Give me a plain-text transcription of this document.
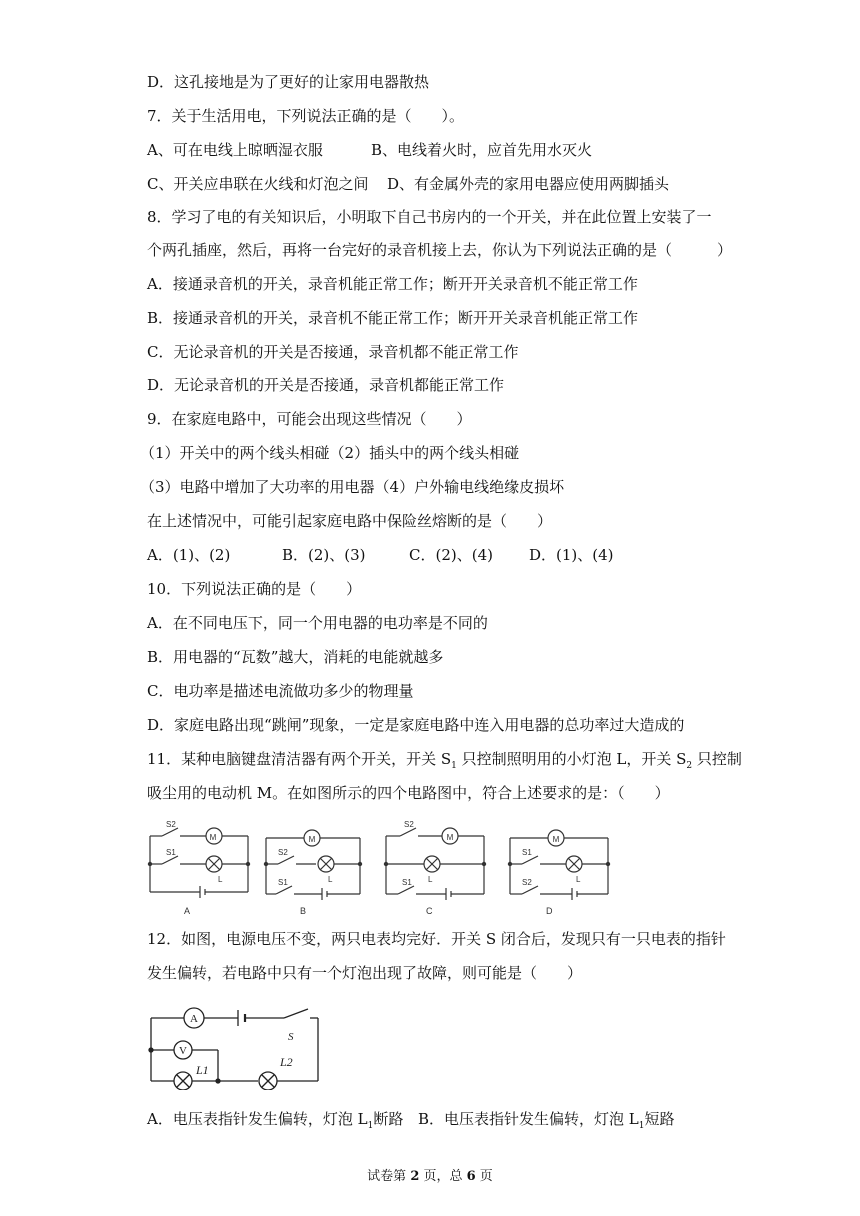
D．这孔接地是为了更好的让家用电器散热
7．关于生活用电，下列说法正确的是（　　）。
A、可在电线上晾晒湿衣服	B、电线着火时，应首先用水灭火
C、开关应串联在火线和灯泡之间 D、有金属外壳的家用电器应使用两脚插头
8．学习了电的有关知识后，小明取下自己书房内的一个开关，并在此位置上安装了一
个两孔插座，然后，再将一台完好的录音机接上去，你认为下列说法正确的是（　　　）
A．接通录音机的开关，录音机能正常工作；断开开关录音机不能正常工作
B．接通录音机的开关，录音机不能正常工作；断开开关录音机能正常工作
C．无论录音机的开关是否接通，录音机都不能正常工作
D．无论录音机的开关是否接通，录音机都能正常工作
9．在家庭电路中，可能会出现这些情况（　　）
（1）开关中的两个线头相碰（2）插头中的两个线头相碰
（3）电路中增加了大功率的用电器（4）户外输电线绝缘皮损坏
在上述情况中，可能引起家庭电路中保险丝熔断的是（　　）
A．(1)、(2)	B．(2)、(3)	C．(2)、(4) D．(1)、(4)
10．下列说法正确的是（　　）
A．在不同电压下，同一个用电器的电功率是不同的
B．用电器的“瓦数”越大，消耗的电能就越多
C．电功率是描述电流做功多少的物理量
D．家庭电路出现“跳闸”现象，一定是家庭电路中连入用电器的总功率过大造成的
11．某种电脑键盘清洁器有两个开关，开关 $S_1$ 只控制照明用的小灯泡 L，开关 $S_2$ 只控制
吸尘用的电动机 M。在如图所示的四个电路图中，符合上述要求的是：（　　）
M
S2
S1
L
A
M
S2
S1	L
B
M
S2
S1 L
C
M
S1
S2	L
D
12．如图，电源电压不变，两只电表均完好．开关 S 闭合后，发现只有一只电表的指针
发生偏转，若电路中只有一个灯泡出现了故障，则可能是（　　）
A
V
S
L1
L2
A．电压表指针发生偏转，灯泡 $L_1$断路 B．电压表指针发生偏转，灯泡 $L_1$短路
试卷第 2 页，总 6 页
